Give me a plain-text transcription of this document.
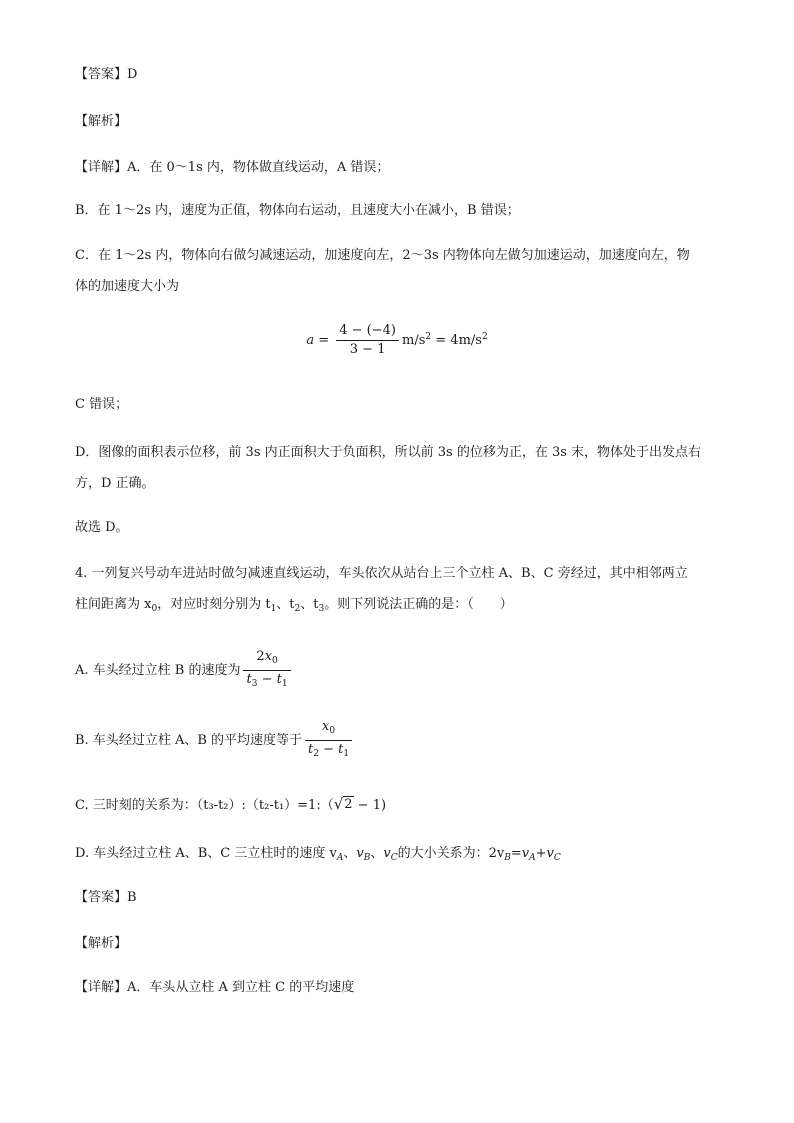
【答案】D
【解析】
【详解】A．在 0～1s 内，物体做直线运动，A 错误；
B．在 1～2s 内，速度为正值，物体向右运动，且速度大小在减小，B 错误；
C．在 1～2s 内，物体向右做匀减速运动，加速度向左，2～3s 内物体向左做匀加速运动，加速度向左，物
体的加速度大小为
$a = \frac{4 - (-4)}{3 - 1} m/s^2 = 4m/s^2$
C 错误；
D．图像的面积表示位移，前 3s 内正面积大于负面积，所以前 3s 的位移为正，在 3s 末，物体处于出发点右
方，D 正确。
故选 D。
4. 一列复兴号动车进站时做匀减速直线运动，车头依次从站台上三个立柱 A、B、C 旁经过，其中相邻两立
柱间距离为 $x_0$，对应时刻分别为 $t_1$、$t_2$、$t_3$。则下列说法正确的是：（　　）
A. 车头经过立柱 B 的速度为 $\frac{2x_0}{t_3 - t_1}$
B. 车头经过立柱 A、B 的平均速度等于 $\frac{x_0}{t_2 - t_1}$
C. 三时刻的关系为：（t₃-t₂）:（t₂-t₁）=1:（ √ 2 − 1)
D. 车头经过立柱 A、B、C 三立柱时的速度 $v_A$、$v_B$、$v_C$的大小关系为：$2v_B=v_A+v_C$
【答案】B
【解析】
【详解】A．车头从立柱 A 到立柱 C 的平均速度
